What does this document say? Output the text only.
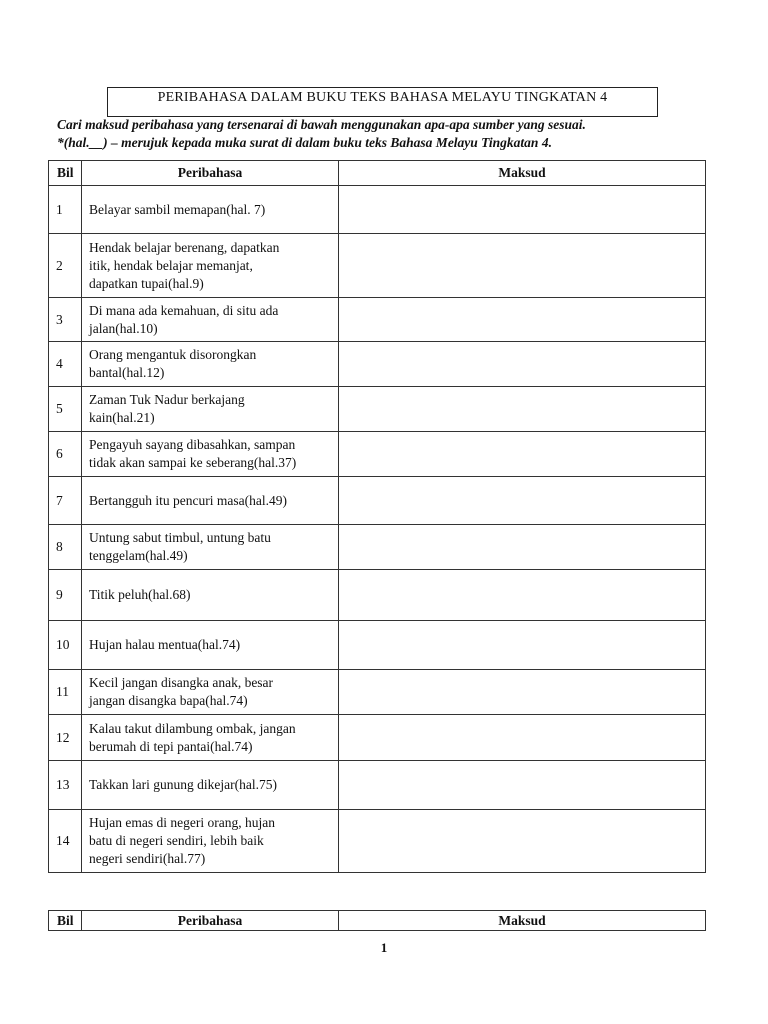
PERIBAHASA DALAM BUKU TEKS BAHASA MELAYU TINGKATAN 4
Cari maksud peribahasa yang tersenarai di bawah menggunakan apa-apa sumber yang sesuai.
*(hal.__) – merujuk kepada muka surat di dalam buku teks Bahasa Melayu Tingkatan 4.
Bil	Peribahasa	Maksud
1	Belayar sambil memapan(hal. 7)	

2	Hendak belajar berenang, dapatkan
itik, hendak belajar memanjat,
dapatkan tupai(hal.9)	

3	Di mana ada kemahuan, di situ ada
jalan(hal.10)	

4	Orang mengantuk disorongkan
bantal(hal.12)	

5	Zaman Tuk Nadur berkajang
kain(hal.21)	

6	Pengayuh sayang dibasahkan, sampan
tidak akan sampai ke seberang(hal.37)	

7	Bertangguh itu pencuri masa(hal.49)	

8	Untung sabut timbul, untung batu
tenggelam(hal.49)	

9	Titik peluh(hal.68)	

10	Hujan halau mentua(hal.74)	

11	Kecil jangan disangka anak, besar
jangan disangka bapa(hal.74)	

12	Kalau takut dilambung ombak, jangan
berumah di tepi pantai(hal.74)	

13	Takkan lari gunung dikejar(hal.75)	

14	Hujan emas di negeri orang, hujan
batu di negeri sendiri, lebih baik
negeri sendiri(hal.77)	

Bil	Peribahasa	Maksud
1
